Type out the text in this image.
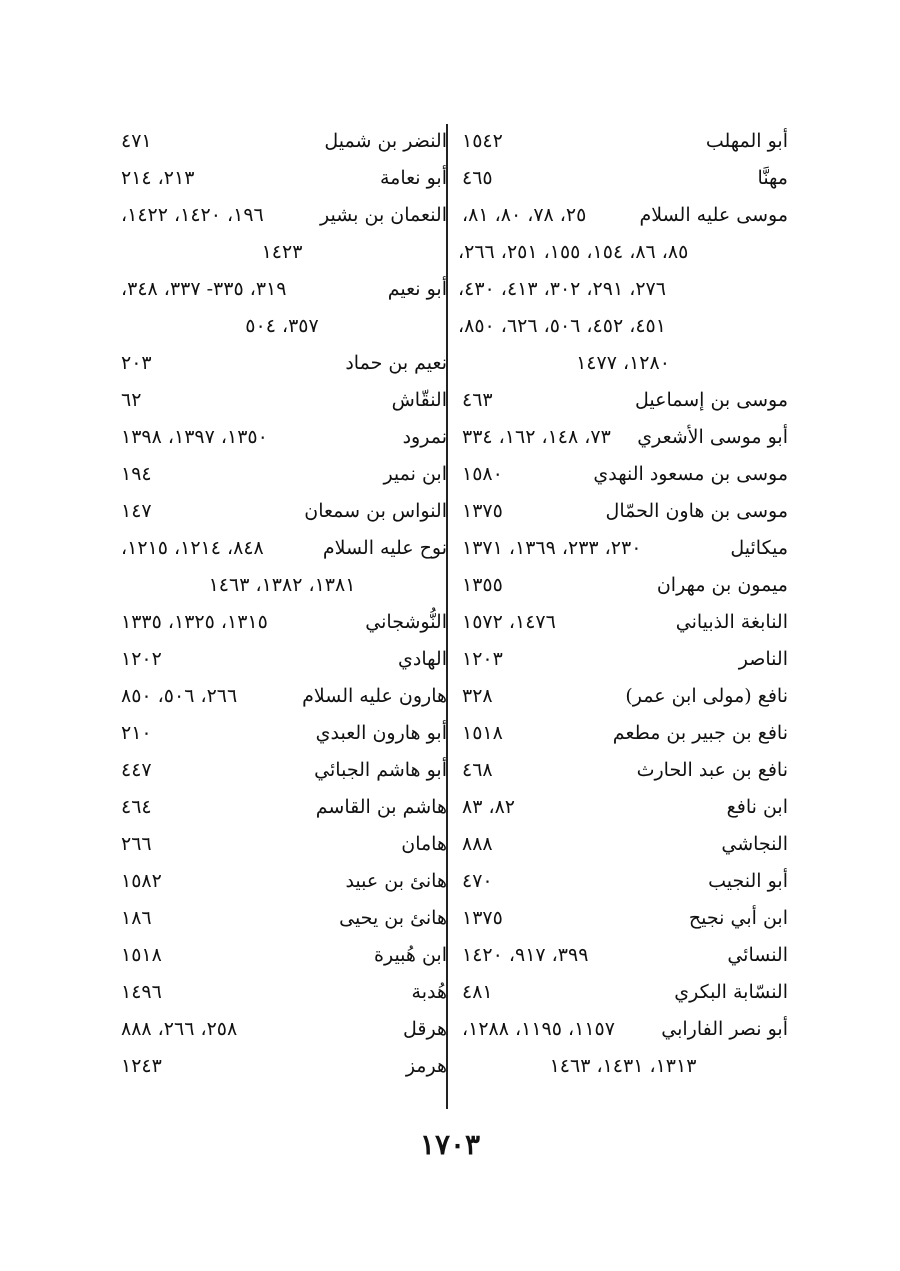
أبو المهلب
١٥٤٢
مهنَّا
٤٦٥
موسى عليه السلام
٢٥، ٧٨، ٨٠، ٨١،
٨٥، ٨٦، ١٥٤، ١٥٥، ٢٥١، ٢٦٦،
٢٧٦، ٢٩١، ٣٠٢، ٤١٣، ٤٣٠،
٤٥١، ٤٥٢، ٥٠٦، ٦٢٦، ٨٥٠،
١٢٨٠، ١٤٧٧
موسى بن إسماعيل
٤٦٣
أبو موسى الأشعري
٧٣، ١٤٨، ١٦٢، ٣٣٤
موسى بن مسعود النهدي
١٥٨٠
موسى بن هاون الحمّال
١٣٧٥
ميكائيل
٢٣٠، ٢٣٣، ١٣٦٩، ١٣٧١
ميمون بن مهران
١٣٥٥
النابغة الذبياني
١٤٧٦، ١٥٧٢
الناصر
١٢٠٣
نافع (مولى ابن عمر)
٣٢٨
نافع بن جبير بن مطعم
١٥١٨
نافع بن عبد الحارث
٤٦٨
ابن نافع
٨٢، ٨٣
النجاشي
٨٨٨
أبو النجيب
٤٧٠
ابن أبي نجيح
١٣٧٥
النسائي
٣٩٩، ٩١٧، ١٤٢٠
النسّابة البكري
٤٨١
أبو نصر الفارابي
١١٥٧، ١١٩٥، ١٢٨٨،
١٣١٣، ١٤٣١، ١٤٦٣
النضر بن شميل
٤٧١
أبو نعامة
٢١٣، ٢١٤
النعمان بن بشير
١٩٦، ١٤٢٠، ١٤٢٢،
١٤٢٣
أبو نعيم
٣١٩، ٣٣٥- ٣٣٧، ٣٤٨،
٣٥٧، ٥٠٤
نعيم بن حماد
٢٠٣
النقّاش
٦٢
نمرود
١٣٥٠، ١٣٩٧، ١٣٩٨
ابن نمير
١٩٤
النواس بن سمعان
١٤٧
نوح عليه السلام
٨٤٨، ١٢١٤، ١٢١٥،
١٣٨١، ١٣٨٢، ١٤٦٣
النُّوشجاني
١٣١٥، ١٣٢٥، ١٣٣٥
الهادي
١٢٠٢
هارون عليه السلام
٢٦٦، ٥٠٦، ٨٥٠
أبو هارون العبدي
٢١٠
أبو هاشم الجبائي
٤٤٧
هاشم بن القاسم
٤٦٤
هامان
٢٦٦
هانئ بن عبيد
١٥٨٢
هانئ بن يحيى
١٨٦
ابن هُبيرة
١٥١٨
هُدبة
١٤٩٦
هرقل
٢٥٨، ٢٦٦، ٨٨٨
هرمز
١٢٤٣
١٧٠٣
